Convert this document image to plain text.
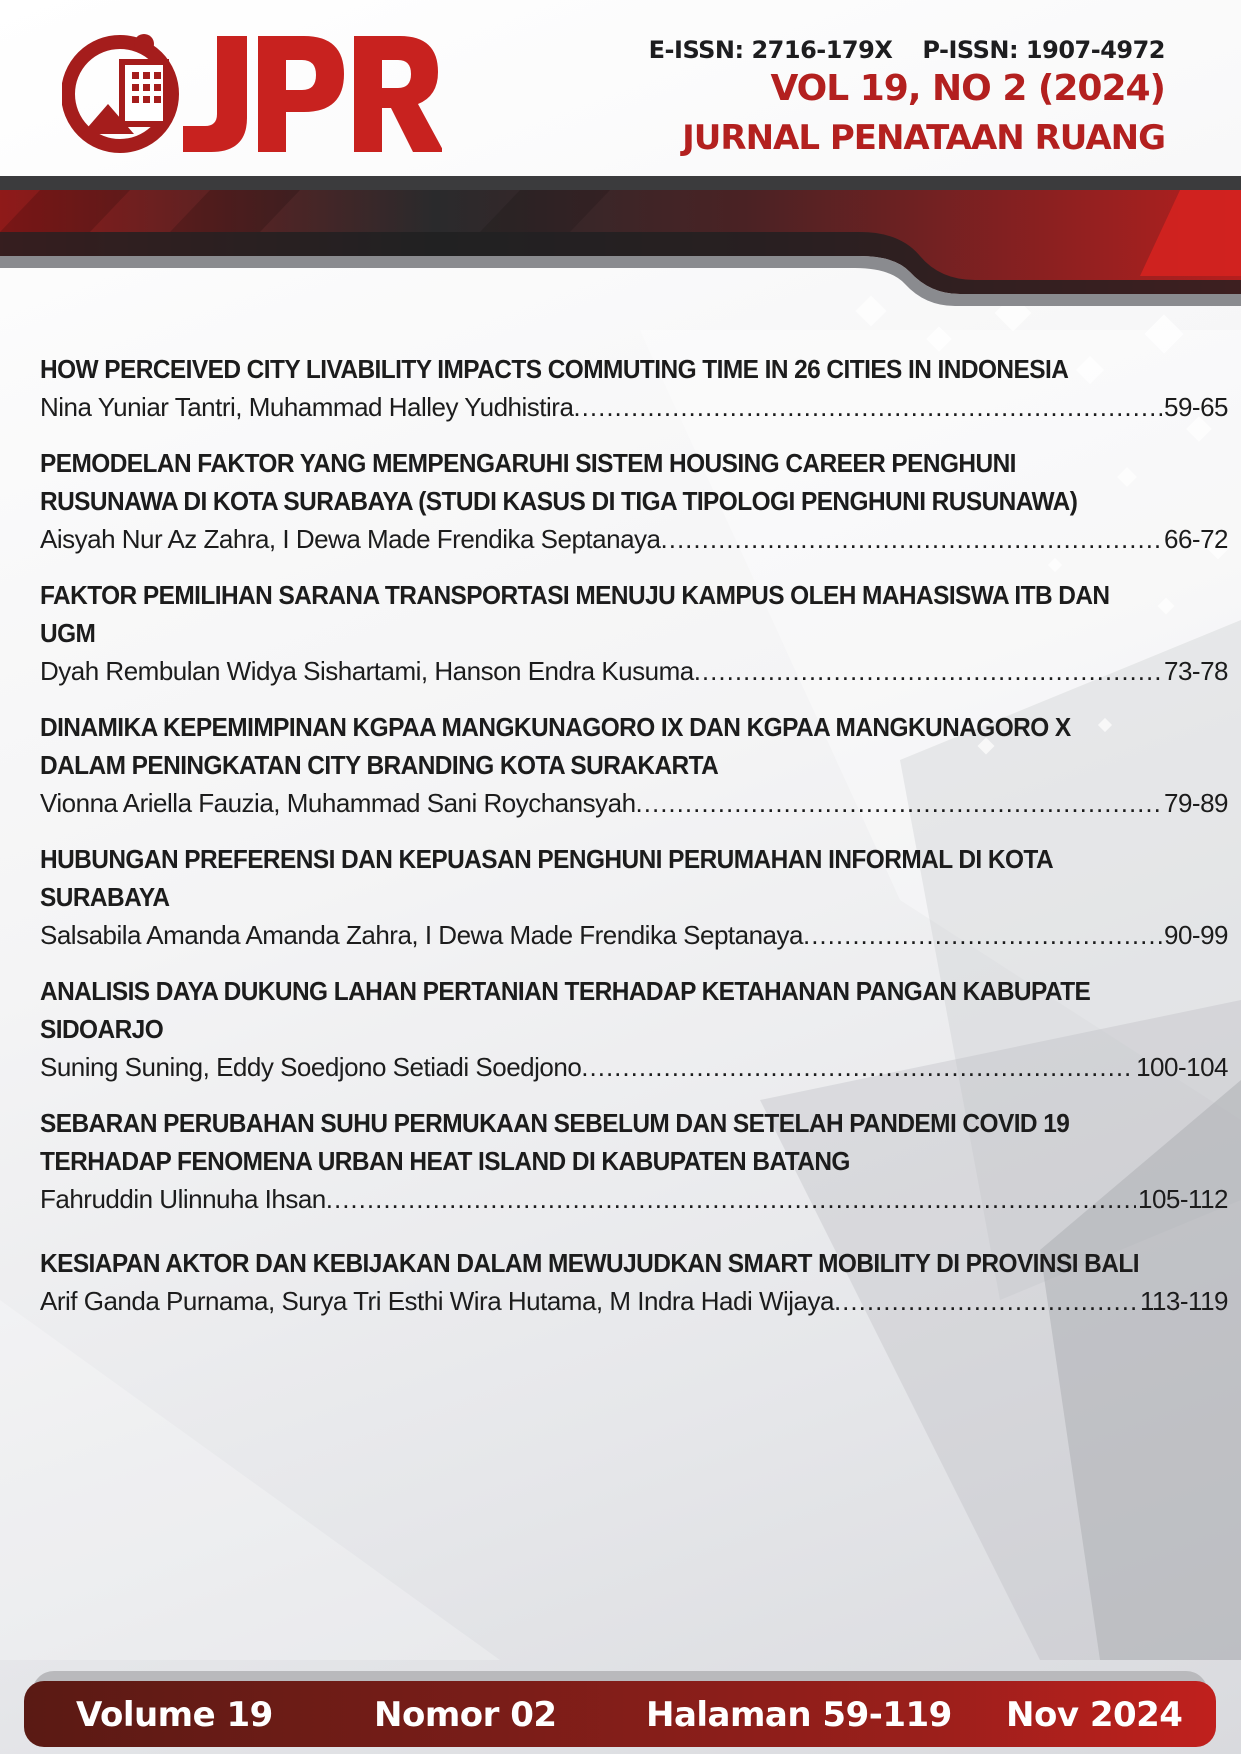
E-ISSN: 2716-179X P-ISSN: 1907-4972
VOL 19, NO 2 (2024)
JURNAL PENATAAN RUANG
HOW PERCEIVED CITY LIVABILITY IMPACTS COMMUTING TIME IN 26 CITIES IN INDONESIA
Nina Yuniar Tantri, Muhammad Halley Yudhistira .....	59-65
PEMODELAN FAKTOR YANG MEMPENGARUHI SISTEM HOUSING CAREER PENGHUNI RUSUNAWA DI KOTA SURABAYA (STUDI KASUS DI TIGA TIPOLOGI PENGHUNI RUSUNAWA)
Aisyah Nur Az Zahra, I Dewa Made Frendika Septanaya .....	66-72
FAKTOR PEMILIHAN SARANA TRANSPORTASI MENUJU KAMPUS OLEH MAHASISWA ITB DAN UGM
Dyah Rembulan Widya Sishartami, Hanson Endra Kusuma .....	73-78
DINAMIKA KEPEMIMPINAN KGPAA MANGKUNAGORO IX DAN KGPAA MANGKUNAGORO X DALAM PENINGKATAN CITY BRANDING KOTA SURAKARTA
Vionna Ariella Fauzia, Muhammad Sani Roychansyah .....	79-89
HUBUNGAN PREFERENSI DAN KEPUASAN PENGHUNI PERUMAHAN INFORMAL DI KOTA SURABAYA
Salsabila Amanda Amanda Zahra, I Dewa Made Frendika Septanaya .....	90-99
ANALISIS DAYA DUKUNG LAHAN PERTANIAN TERHADAP KETAHANAN PANGAN KABUPATE SIDOARJO
Suning Suning, Eddy Soedjono Setiadi Soedjono .....	100-104
SEBARAN PERUBAHAN SUHU PERMUKAAN SEBELUM DAN SETELAH PANDEMI COVID 19 TERHADAP FENOMENA URBAN HEAT ISLAND DI KABUPATEN BATANG
Fahruddin Ulinnuha Ihsan .....	105-112
KESIAPAN AKTOR DAN KEBIJAKAN DALAM MEWUJUDKAN SMART MOBILITY DI PROVINSI BALI
Arif Ganda Purnama, Surya Tri Esthi Wira Hutama, M Indra Hadi Wijaya .....	113-119
Volume 19	Nomor 02	Halaman 59-119 Nov 2024
